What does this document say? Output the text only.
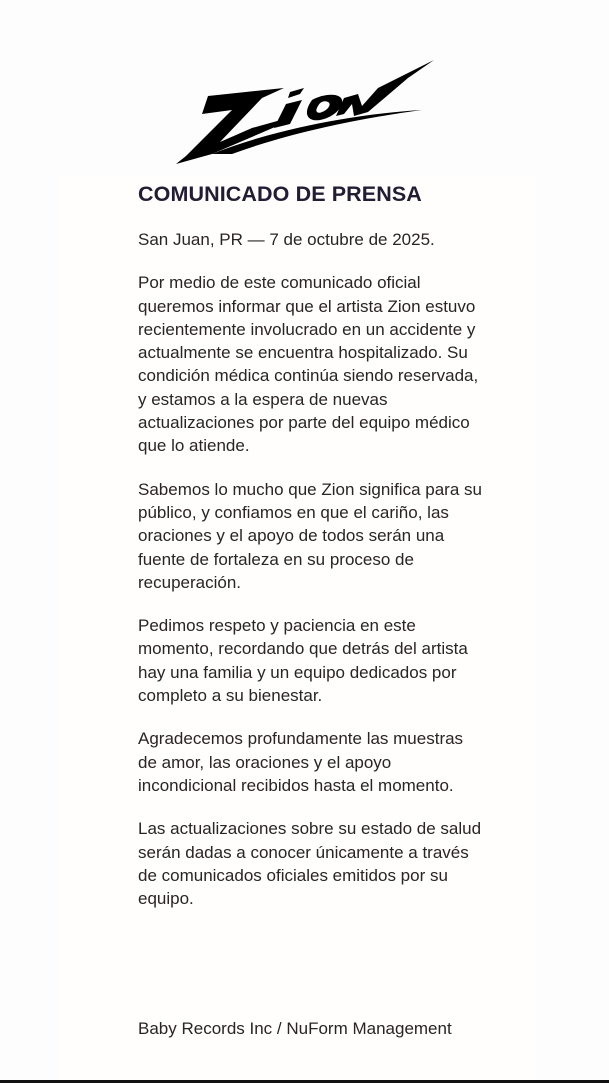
COMUNICADO DE PRENSA

San Juan, PR — 7 de octubre de 2025.

Por medio de este comunicado oficial queremos informar que el artista Zion estuvo recientemente involucrado en un accidente y actualmente se encuentra hospitalizado. Su condición médica continúa siendo reservada, y estamos a la espera de nuevas actualizaciones por parte del equipo médico que lo atiende.

Sabemos lo mucho que Zion significa para su público, y confiamos en que el cariño, las oraciones y el apoyo de todos serán una fuente de fortaleza en su proceso de recuperación.

Pedimos respeto y paciencia en este momento, recordando que detrás del artista hay una familia y un equipo dedicados por completo a su bienestar.

Agradecemos profundamente las muestras de amor, las oraciones y el apoyo incondicional recibidos hasta el momento.

Las actualizaciones sobre su estado de salud serán dadas a conocer únicamente a través de comunicados oficiales emitidos por su equipo.

Baby Records Inc / NuForm Management
